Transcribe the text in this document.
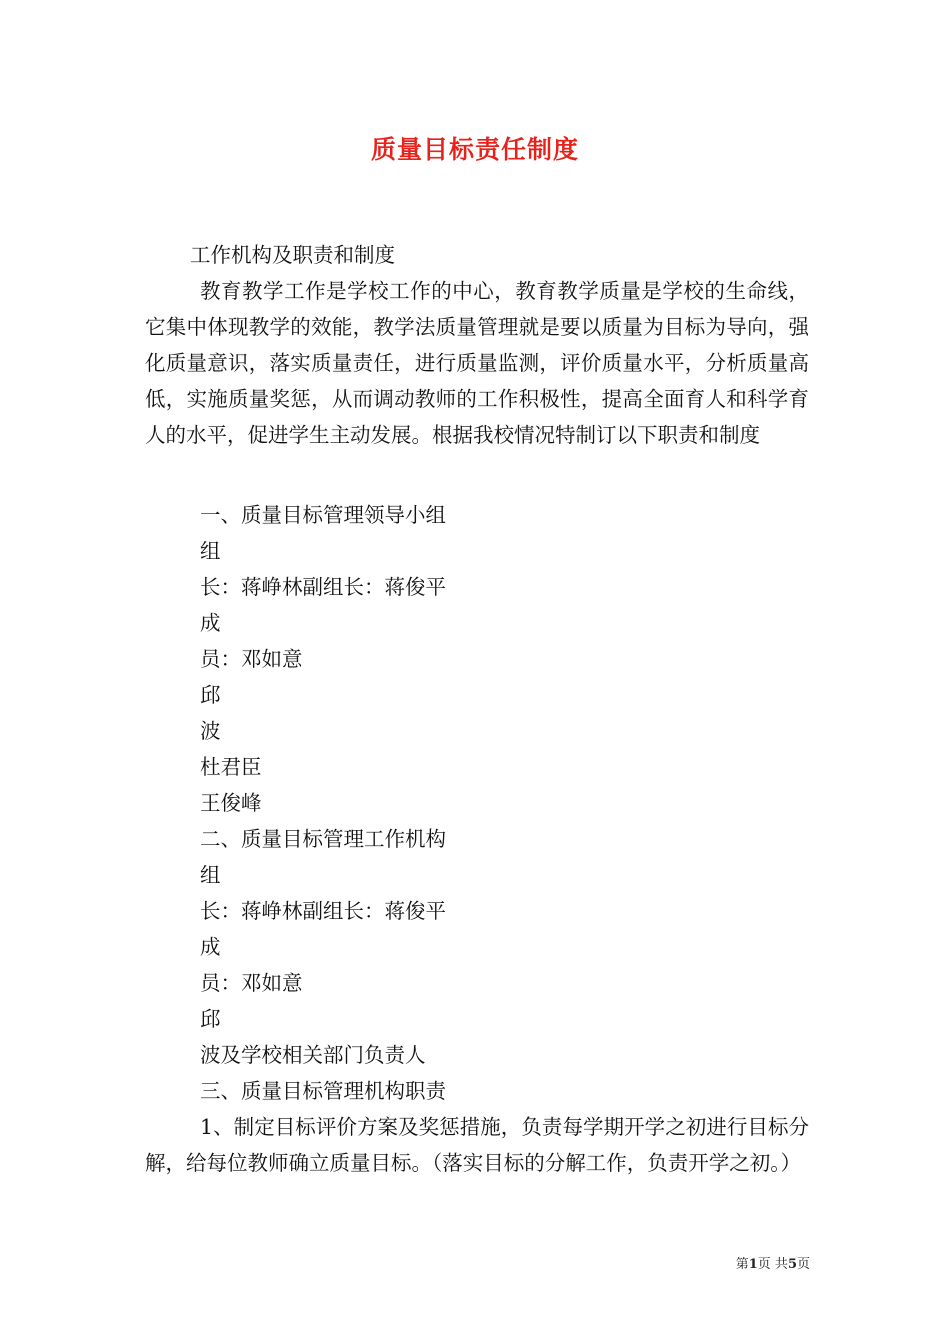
质量目标责任制度
工作机构及职责和制度
教育教学工作是学校工作的中心，教育教学质量是学校的生命线，它集中体现教学的效能，教学法质量管理就是要以质量为目标为导向，强化质量意识，落实质量责任，进行质量监测，评价质量水平，分析质量高低，实施质量奖惩，从而调动教师的工作积极性，提高全面育人和科学育人的水平，促进学生主动发展。根据我校情况特制订以下职责和制度
一、质量目标管理领导小组
组
长：蒋峥林副组长：蒋俊平
成
员：邓如意
邱
波
杜君臣
王俊峰
二、质量目标管理工作机构
组
长：蒋峥林副组长：蒋俊平
成
员：邓如意
邱
波及学校相关部门负责人
三、质量目标管理机构职责
1、制定目标评价方案及奖惩措施，负责每学期开学之初进行目标分解，给每位教师确立质量目标。（落实目标的分解工作，负责开学之初。）
第1页 共5页
